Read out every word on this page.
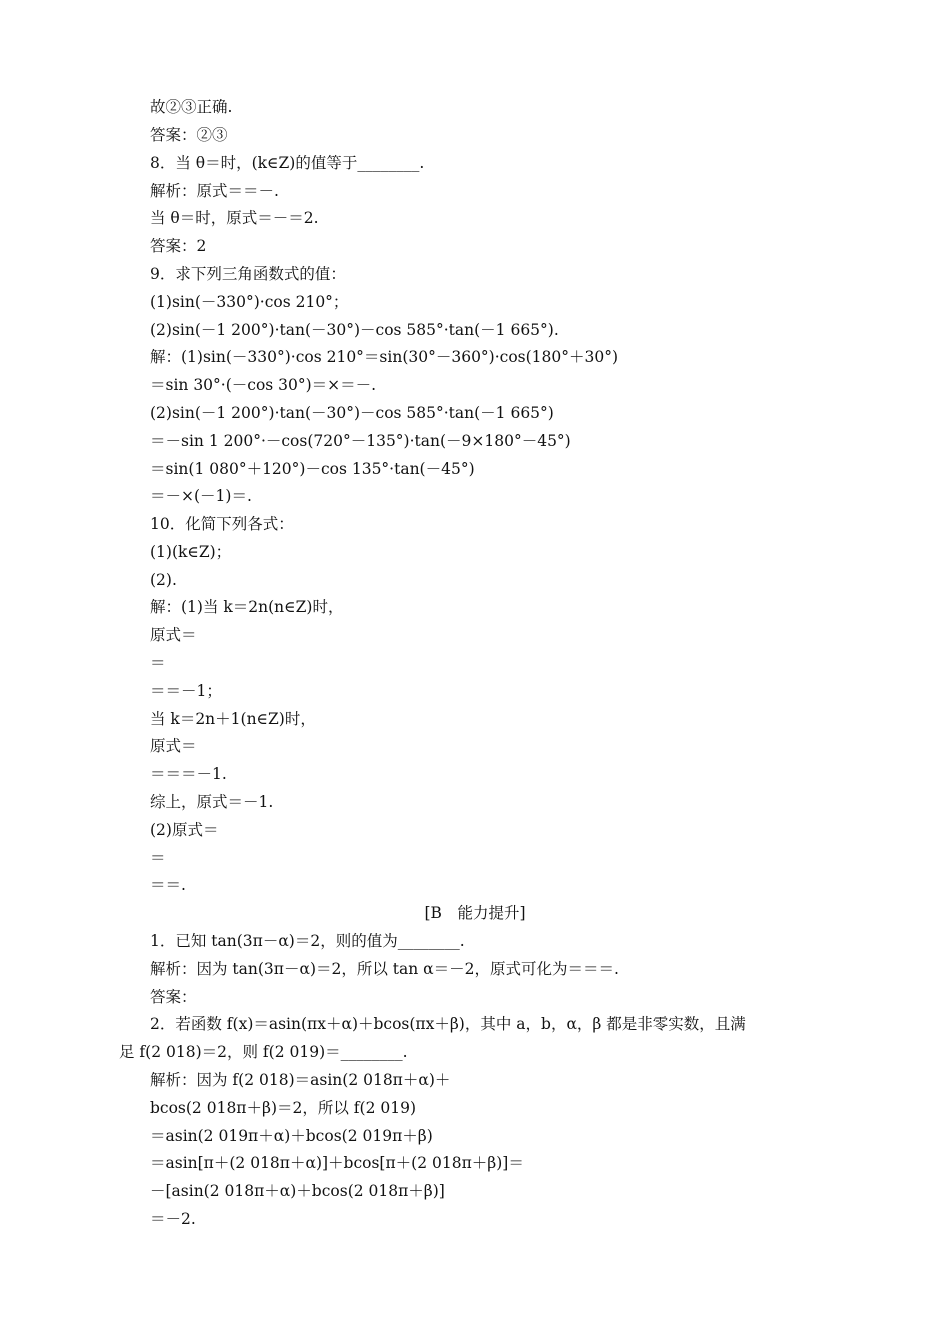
故②③正确.
答案：②③
8．当 θ＝时，(k∈Z)的值等于________.
解析：原式＝＝－.
当 θ＝时，原式＝－＝2.
答案：2
9．求下列三角函数式的值：
(1)sin(－330°)·cos 210°；
(2)sin(－1 200°)·tan(－30°)－cos 585°·tan(－1 665°).
解：(1)sin(－330°)·cos 210°＝sin(30°－360°)·cos(180°＋30°)
＝sin 30°·(－cos 30°)＝×＝－.
(2)sin(－1 200°)·tan(－30°)－cos 585°·tan(－1 665°)
＝－sin 1 200°·－cos(720°－135°)·tan(－9×180°－45°)
＝sin(1 080°＋120°)－cos 135°·tan(－45°)
＝－×(－1)＝.
10．化简下列各式：
(1)(k∈Z)；
(2).
解：(1)当 k＝2n(n∈Z)时，
原式＝
＝
＝＝－1；
当 k＝2n＋1(n∈Z)时，
原式＝
＝＝＝－1.
综上，原式＝－1.
(2)原式＝
＝
＝＝.
[B　能力提升]
1．已知 tan(3π－α)＝2，则的值为________.
解析：因为 tan(3π－α)＝2，所以 tan α＝－2，原式可化为＝＝＝.
答案：
2．若函数 f(x)＝asin(πx＋α)＋bcos(πx＋β)，其中 a，b，α，β 都是非零实数，且满
足 f(2 018)＝2，则 f(2 019)＝________.
解析：因为 f(2 018)＝asin(2 018π＋α)＋
bcos(2 018π＋β)＝2，所以 f(2 019)
＝asin(2 019π＋α)＋bcos(2 019π＋β)
＝asin[π＋(2 018π＋α)]＋bcos[π＋(2 018π＋β)]＝
－[asin(2 018π＋α)＋bcos(2 018π＋β)]
＝－2.
